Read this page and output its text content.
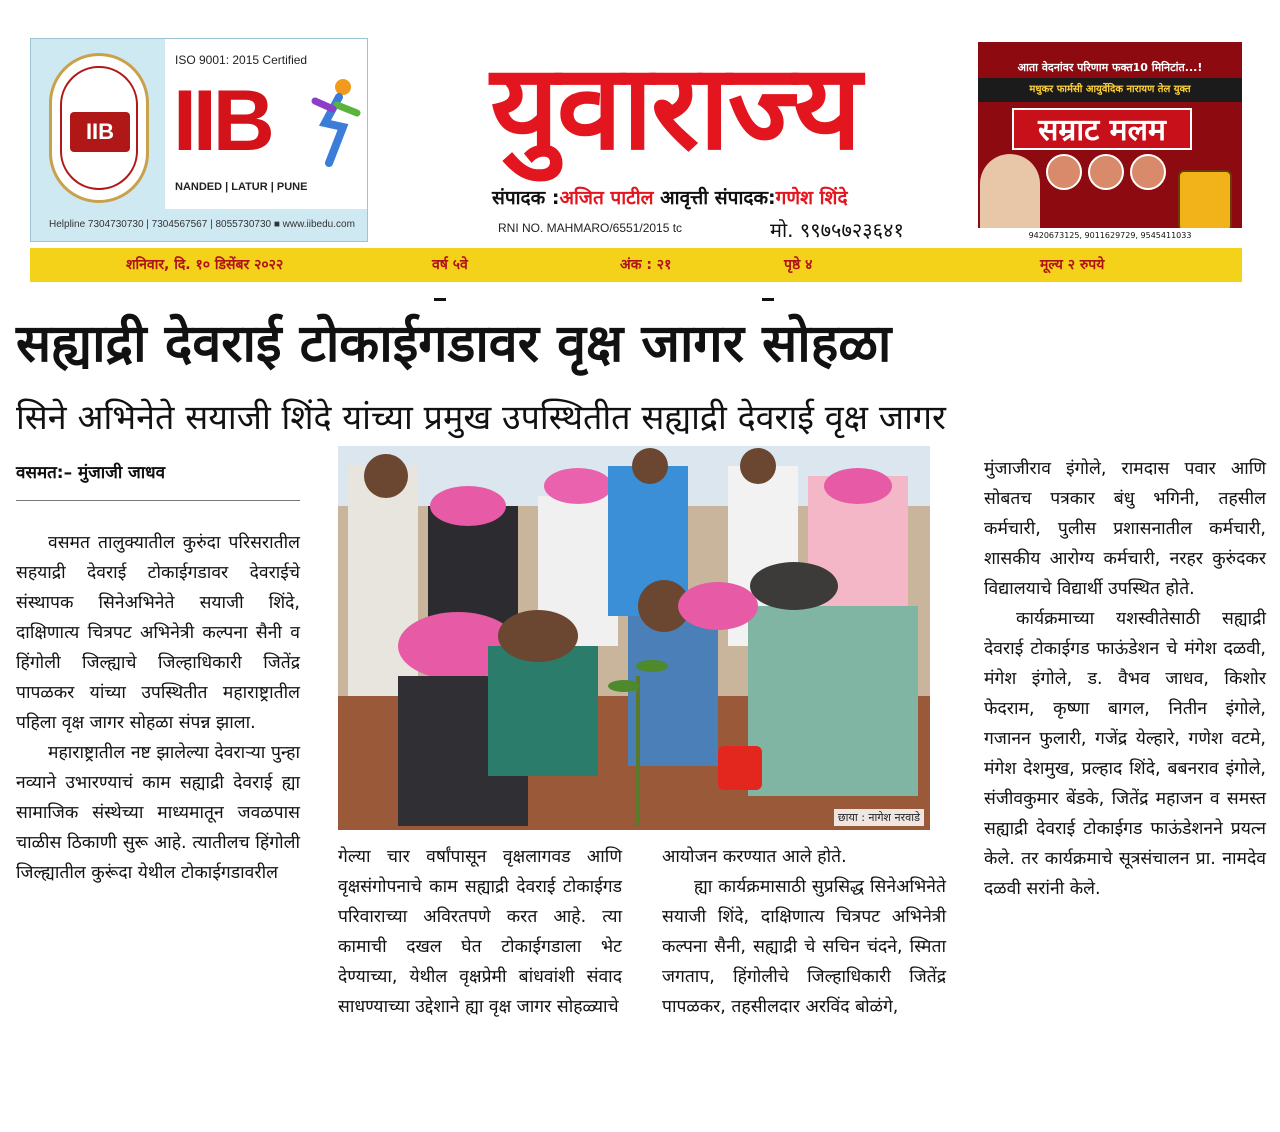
IIB
ISO 9001: 2015 Certified
IIB
NANDED | LATUR | PUNE
Helpline 7304730730 | 7304567567 | 8055730730 ■ www.iibedu.com
युवाराज्य
संपादक :अजित पाटील आवृत्ती संपादक:गणेश शिंदे
RNI NO. MAHMARO/6551/2015 tc	मो. ९९७५७२३६४१
आता वेदनांवर परिणाम फक्त10 मिनिटांत...!
मधुकर फार्मसी आयुर्वेदिक नारायण तेल युक्त
सम्राट मलम
9420673125, 9011629729, 9545411033
शनिवार, दि. १० डिसेंबर २०२२	वर्ष ५वे	अंक : २१	पृष्ठे ४	मूल्य २ रुपये
सह्याद्री देवराई टोकाईगडावर वृक्ष जागर सोहळा
सिने अभिनेते सयाजी शिंदे यांच्या प्रमुख उपस्थितीत सह्याद्री देवराई वृक्ष जागर
वसमत:– मुंजाजी जाधव

वसमत तालुक्यातील कुरुंदा परिसरातील सहयाद्री देवराई टोकाईगडावर देवराईचे संस्थापक सिनेअभिनेते सयाजी शिंदे, दाक्षिणात्य चित्रपट अभिनेत्री कल्पना सैनी व हिंगोली जिल्ह्याचे जिल्हाधिकारी जितेंद्र पापळकर यांच्या उपस्थितीत महाराष्ट्रातील पहिला वृक्ष जागर सोहळा संपन्न झाला.

महाराष्ट्रातील नष्ट झालेल्या देवराऱ्या पुन्हा नव्याने उभारण्याचं काम सह्याद्री देवराई ह्या सामाजिक संस्थेच्या माध्यमातून जवळपास चाळीस ठिकाणी सुरू आहे. त्यातीलच हिंगोली जिल्ह्यातील कुरूंदा येथील टोकाईगडावरील

छाया : नागेश नरवाडे

गेल्या चार वर्षांपासून वृक्षलागवड आणि वृक्षसंगोपनाचे काम सह्याद्री देवराई टोकाईगड परिवाराच्या अविरतपणे करत आहे. त्या कामाची दखल घेत टोकाईगडाला भेट देण्याच्या, येथील वृक्षप्रेमी बांधवांशी संवाद साधण्याच्या उद्देशाने ह्या वृक्ष जागर सोहळ्याचे

आयोजन करण्यात आले होते.

ह्या कार्यक्रमासाठी सुप्रसिद्ध सिनेअभिनेते सयाजी शिंदे, दाक्षिणात्य चित्रपट अभिनेत्री कल्पना सैनी, सह्याद्री चे सचिन चंदने, स्मिता जगताप, हिंगोलीचे जिल्हाधिकारी जितेंद्र पापळकर, तहसीलदार अरविंद बोळंगे,

मुंजाजीराव इंगोले, रामदास पवार आणि सोबतच पत्रकार बंधु भगिनी, तहसील कर्मचारी, पुलीस प्रशासनातील कर्मचारी, शासकीय आरोग्य कर्मचारी, नरहर कुरुंदकर विद्यालयाचे विद्यार्थी उपस्थित होते.

कार्यक्रमाच्या यशस्वीतेसाठी सह्याद्री देवराई टोकाईगड फाऊंडेशन चे मंगेश दळवी, मंगेश इंगोले, ड. वैभव जाधव, किशोर फेदराम, कृष्णा बागल, नितीन इंगोले, गजानन फुलारी, गजेंद्र येल्हारे, गणेश वटमे, मंगेश देशमुख, प्रल्हाद शिंदे, बबनराव इंगोले, संजीवकुमार बेंडके, जितेंद्र महाजन व समस्त सह्याद्री देवराई टोकाईगड फाऊंडेशनने प्रयत्न केले. तर कार्यक्रमाचे सूत्रसंचालन प्रा. नामदेव दळवी सरांनी केले.
